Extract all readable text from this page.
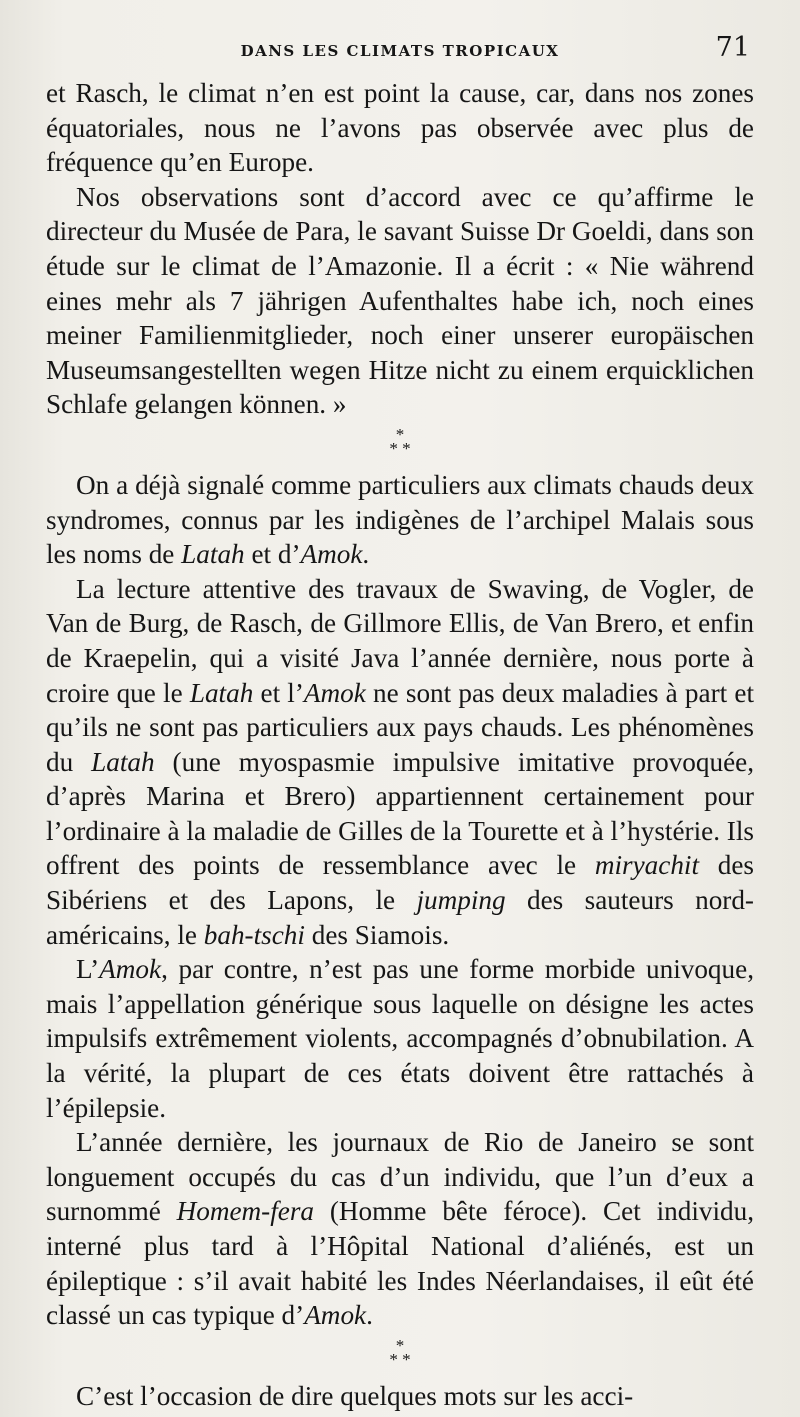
DANS LES CLIMATS TROPICAUX	71

et Rasch, le climat n’en est point la cause, car, dans nos zones équatoriales, nous ne l’avons pas observée avec plus de fréquence qu’en Europe.

Nos observations sont d’accord avec ce qu’affirme le directeur du Musée de Para, le savant Suisse Dr Goeldi, dans son étude sur le climat de l’Amazonie. Il a écrit : « Nie während eines mehr als 7 jährigen Aufenthaltes habe ich, noch eines meiner Familienmitglieder, noch einer unserer europäischen Museumsangestellten wegen Hitze nicht zu einem erquicklichen Schlafe gelangen können. »

*
* *

On a déjà signalé comme particuliers aux climats chauds deux syndromes, connus par les indigènes de l’archipel Malais sous les noms de Latah et d’Amok.

La lecture attentive des travaux de Swaving, de Vogler, de Van de Burg, de Rasch, de Gillmore Ellis, de Van Brero, et enfin de Kraepelin, qui a visité Java l’année dernière, nous porte à croire que le Latah et l’Amok ne sont pas deux maladies à part et qu’ils ne sont pas particuliers aux pays chauds. Les phénomènes du Latah (une myospasmie impulsive imitative provoquée, d’après Marina et Brero) appartiennent certainement pour l’ordinaire à la maladie de Gilles de la Tourette et à l’hystérie. Ils offrent des points de ressemblance avec le miryachit des Sibériens et des Lapons, le jumping des sauteurs nord-américains, le bah-tschi des Siamois.

L’Amok, par contre, n’est pas une forme morbide univoque, mais l’appellation générique sous laquelle on désigne les actes impulsifs extrêmement violents, accompagnés d’obnubilation. A la vérité, la plupart de ces états doivent être rattachés à l’épilepsie.

L’année dernière, les journaux de Rio de Janeiro se sont longuement occupés du cas d’un individu, que l’un d’eux a surnommé Homem-fera (Homme bête féroce). Cet individu, interné plus tard à l’Hôpital National d’aliénés, est un épileptique : s’il avait habité les Indes Néerlandaises, il eût été classé un cas typique d’Amok.

*
* *

C’est l’occasion de dire quelques mots sur les acci-
